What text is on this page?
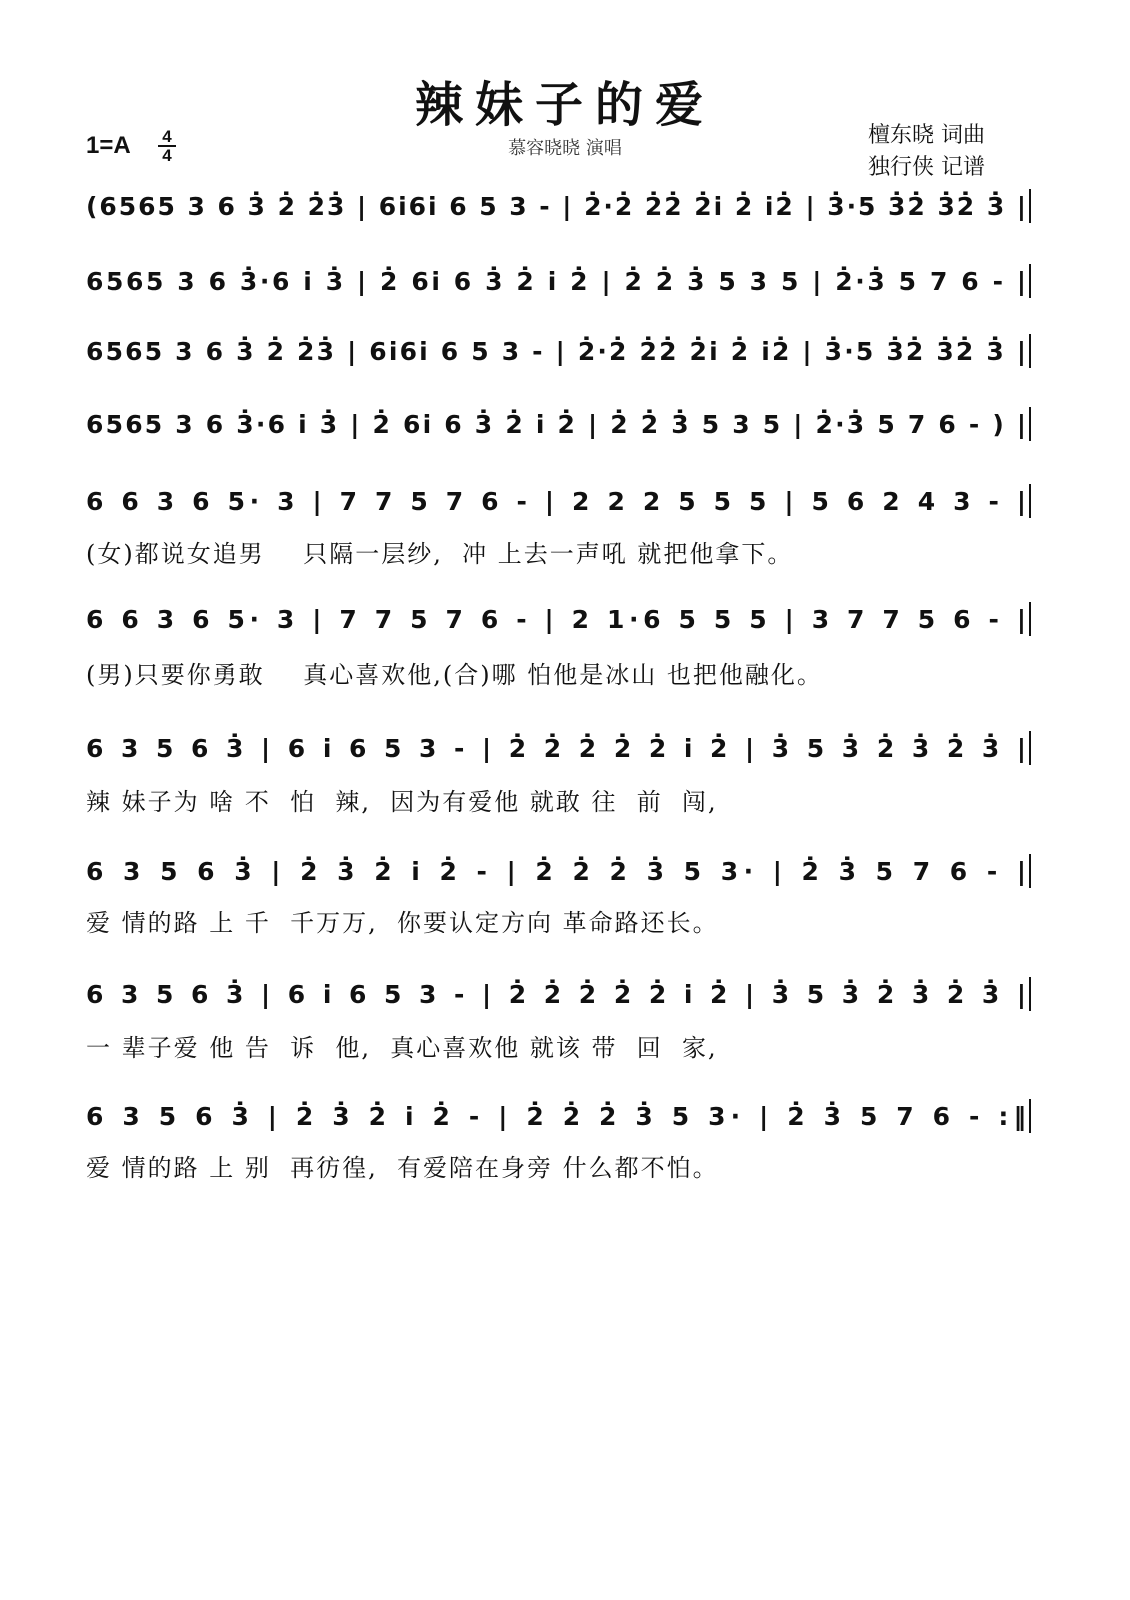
辣妹子的爱
慕容晓晓 演唱
檀东晓 词曲
独行侠 记谱
1=A	4
4
(6565 3 6 3̇ 2̇ 2̇3̇ | 6i6i 6 5 3 - | 2̇·2̇ 2̇2̇ 2̇i 2̇ i2̇ | 3̇·5 3̇2̇ 3̇2̇ 3̇ |
6565 3 6 3̇·6 i 3̇ | 2̇ 6i 6 3̇ 2̇ i 2̇ | 2̇ 2̇ 3̇ 5 3 5 | 2̇·3̇ 5 7 6 - |
6565 3 6 3̇ 2̇ 2̇3̇ | 6i6i 6 5 3 - | 2̇·2̇ 2̇2̇ 2̇i 2̇ i2̇ | 3̇·5 3̇2̇ 3̇2̇ 3̇ |
6565 3 6 3̇·6 i 3̇ | 2̇ 6i 6 3̇ 2̇ i 2̇ | 2̇ 2̇ 3̇ 5 3 5 | 2̇·3̇ 5 7 6 - ) |
6 6 3 6 5· 3 | 7 7 5 7 6 - | 2 2 2 5 5 5 | 5 6 2 4 3 - |
6 6 3 6 5· 3 | 7 7 5 7 6 - | 2 1·6 5 5 5 | 3 7 7 5 6 - |
6 3 5 6 3̇ | 6 i 6 5 3 - | 2̇ 2̇ 2̇ 2̇ 2̇ i 2̇ | 3̇ 5 3̇ 2̇ 3̇ 2̇ 3̇ |
6 3 5 6 3̇ | 2̇ 3̇ 2̇ i 2̇ - | 2̇ 2̇ 2̇ 3̇ 5 3· | 2̇ 3̇ 5 7 6 - |
6 3 5 6 3̇ | 6 i 6 5 3 - | 2̇ 2̇ 2̇ 2̇ 2̇ i 2̇ | 3̇ 5 3̇ 2̇ 3̇ 2̇ 3̇ |
6 3 5 6 3̇ | 2̇ 3̇ 2̇ i 2̇ - | 2̇ 2̇ 2̇ 3̇ 5 3· | 2̇ 3̇ 5 7 6 - :‖
(女)都说女追男    只隔一层纱,  冲 上去一声吼 就把他拿下。
(男)只要你勇敢    真心喜欢他,(合)哪 怕他是冰山 也把他融化。
辣 妹子为 啥 不  怕  辣,  因为有爱他 就敢 往  前  闯,
爱 情的路 上 千  千万万,  你要认定方向 革命路还长。
一 辈子爱 他 告  诉  他,  真心喜欢他 就该 带  回  家,
爱 情的路 上 别  再彷徨,  有爱陪在身旁 什么都不怕。
